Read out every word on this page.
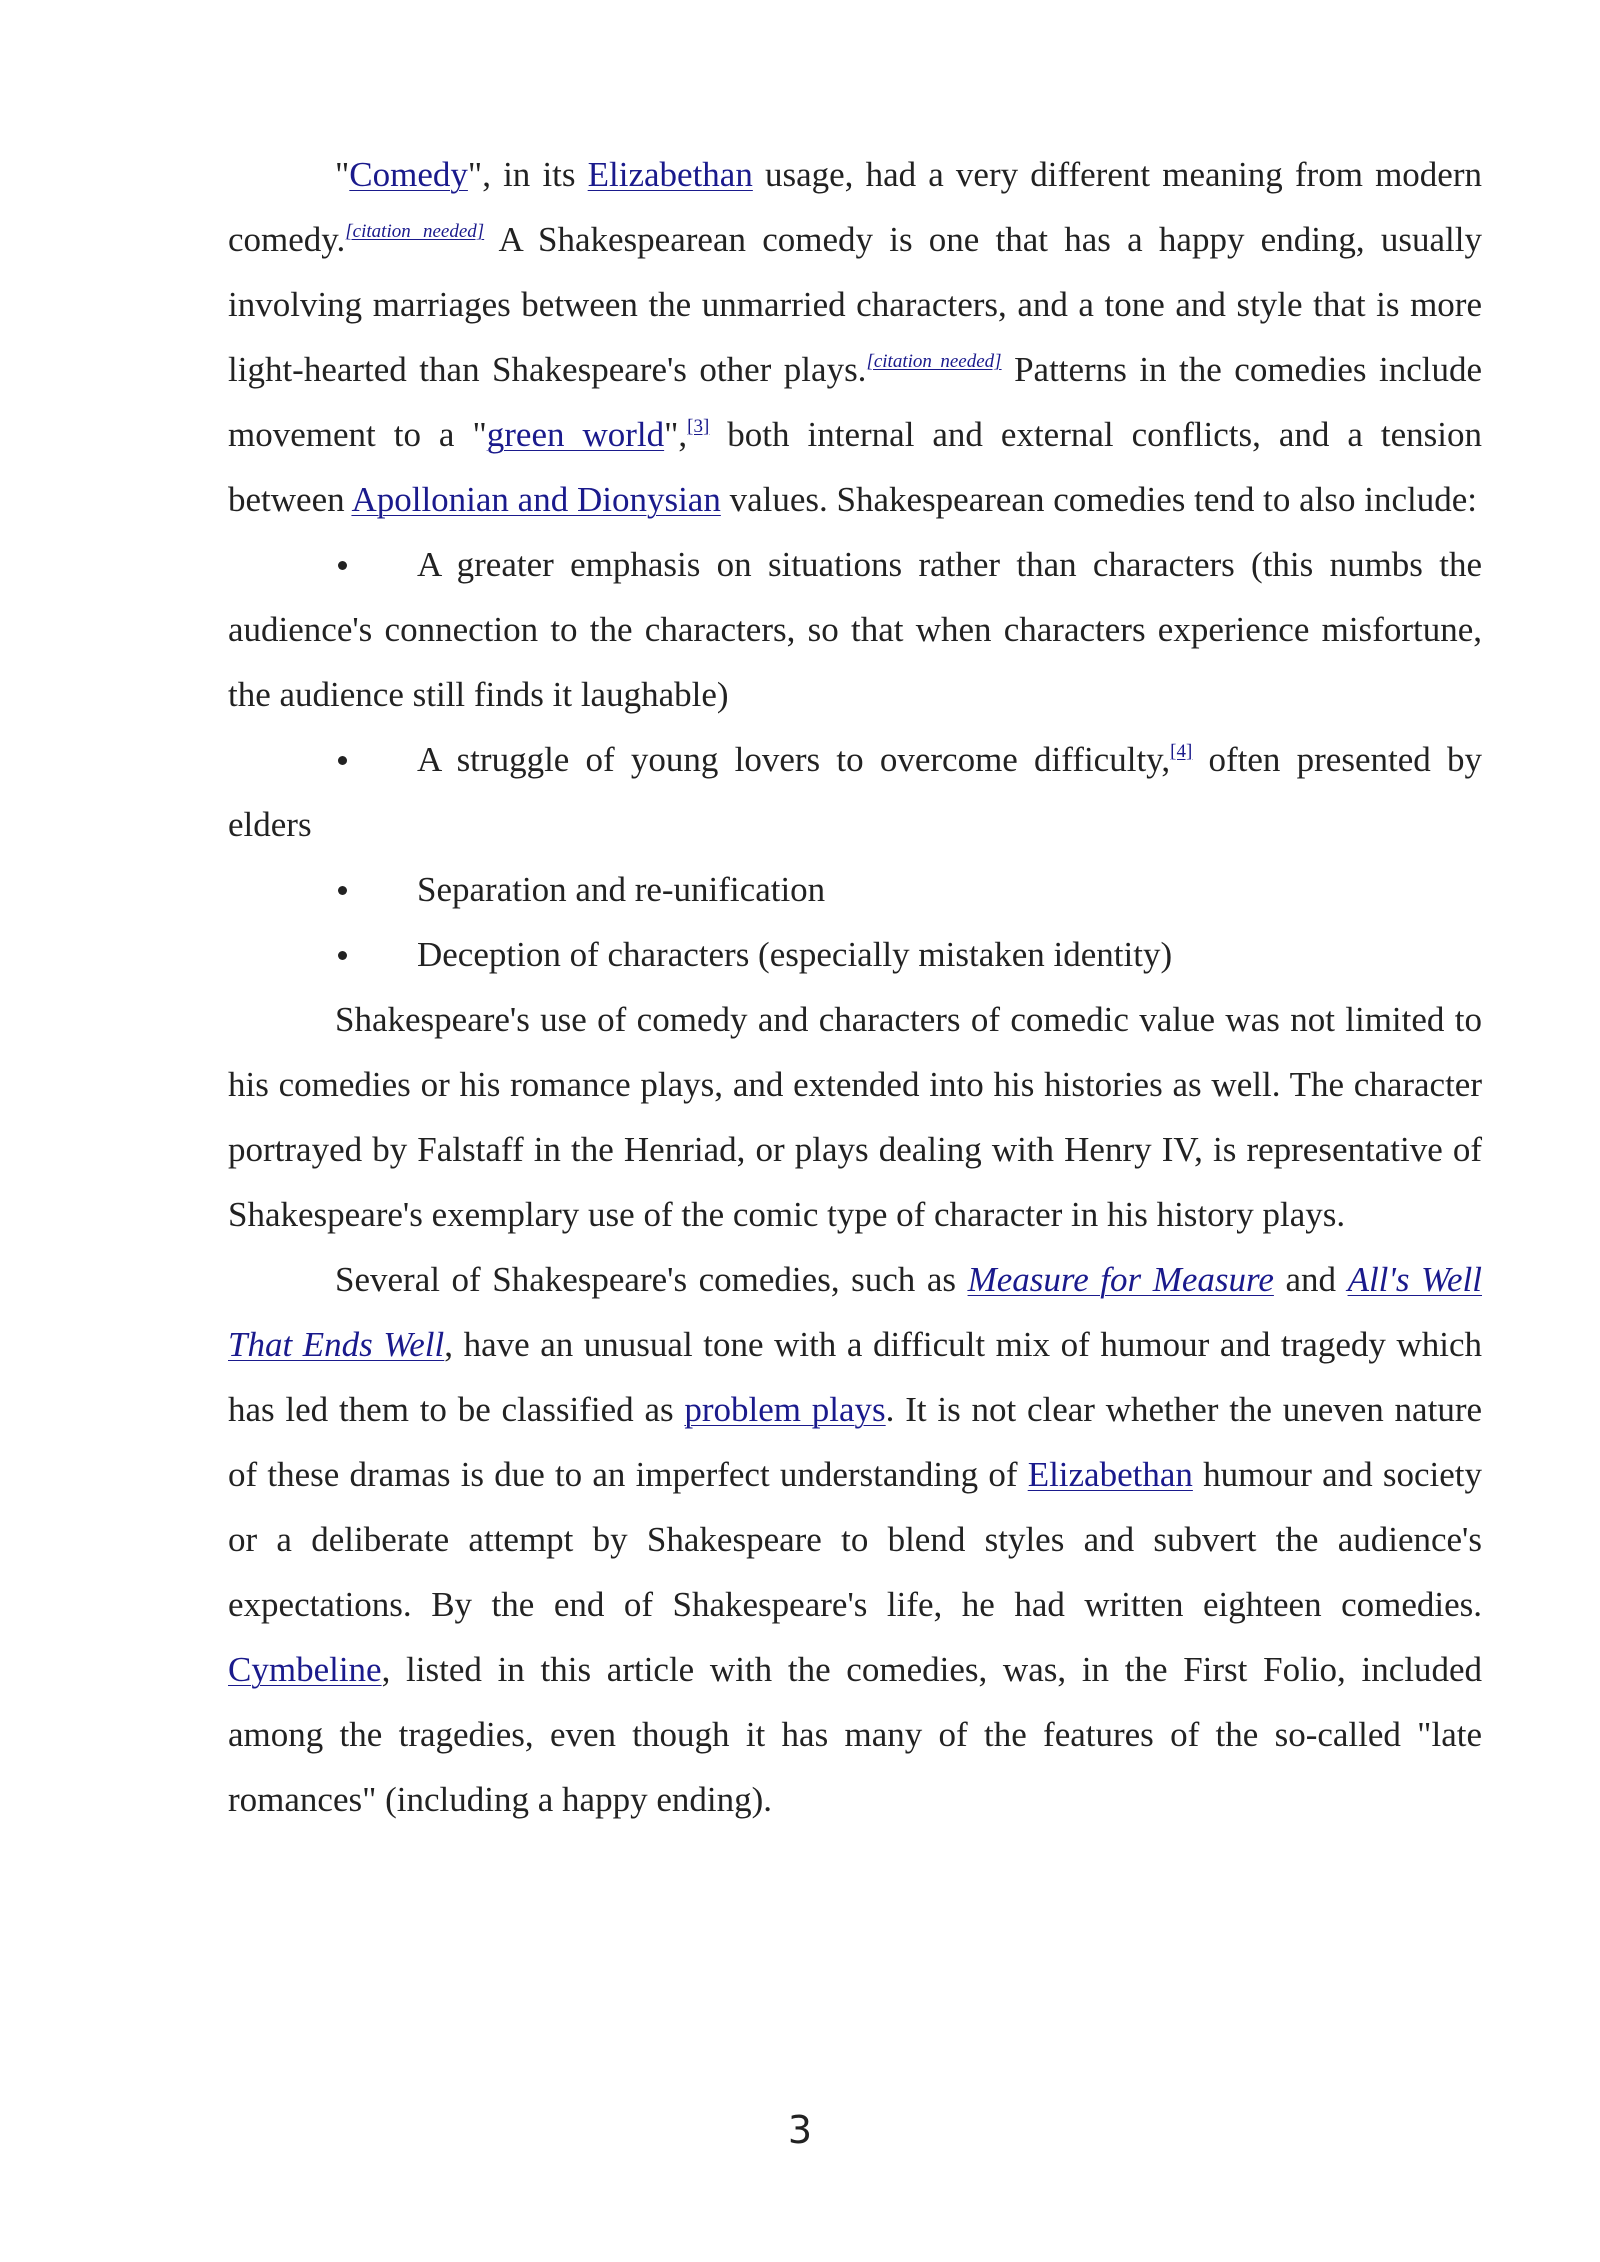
"Comedy", in its Elizabethan usage, had a very different meaning from modern comedy.[citation needed] A Shakespearean comedy is one that has a happy ending, usually involving marriages between the unmarried characters, and a tone and style that is more light-hearted than Shakespeare's other plays.[citation needed] Patterns in the comedies include movement to a "green world",[3] both internal and external conflicts, and a tension between Apollonian and Dionysian values. Shakespearean comedies tend to also include:

A greater emphasis on situations rather than characters (this numbs the audience's connection to the characters, so that when characters experience misfortune, the audience still finds it laughable)

A struggle of young lovers to overcome difficulty,[4] often presented by elders

Separation and re-unification

Deception of characters (especially mistaken identity)

Shakespeare's use of comedy and characters of comedic value was not limited to his comedies or his romance plays, and extended into his histories as well. The character portrayed by Falstaff in the Henriad, or plays dealing with Henry IV, is representative of Shakespeare's exemplary use of the comic type of character in his history plays.

Several of Shakespeare's comedies, such as Measure for Measure and All's Well That Ends Well, have an unusual tone with a difficult mix of humour and tragedy which has led them to be classified as problem plays. It is not clear whether the uneven nature of these dramas is due to an imperfect understanding of Elizabethan humour and society or a deliberate attempt by Shakespeare to blend styles and subvert the audience's expectations. By the end of Shakespeare's life, he had written eighteen comedies. Cymbeline, listed in this article with the comedies, was, in the First Folio, included among the tragedies, even though it has many of the features of the so-called "late romances" (including a happy ending).

3
